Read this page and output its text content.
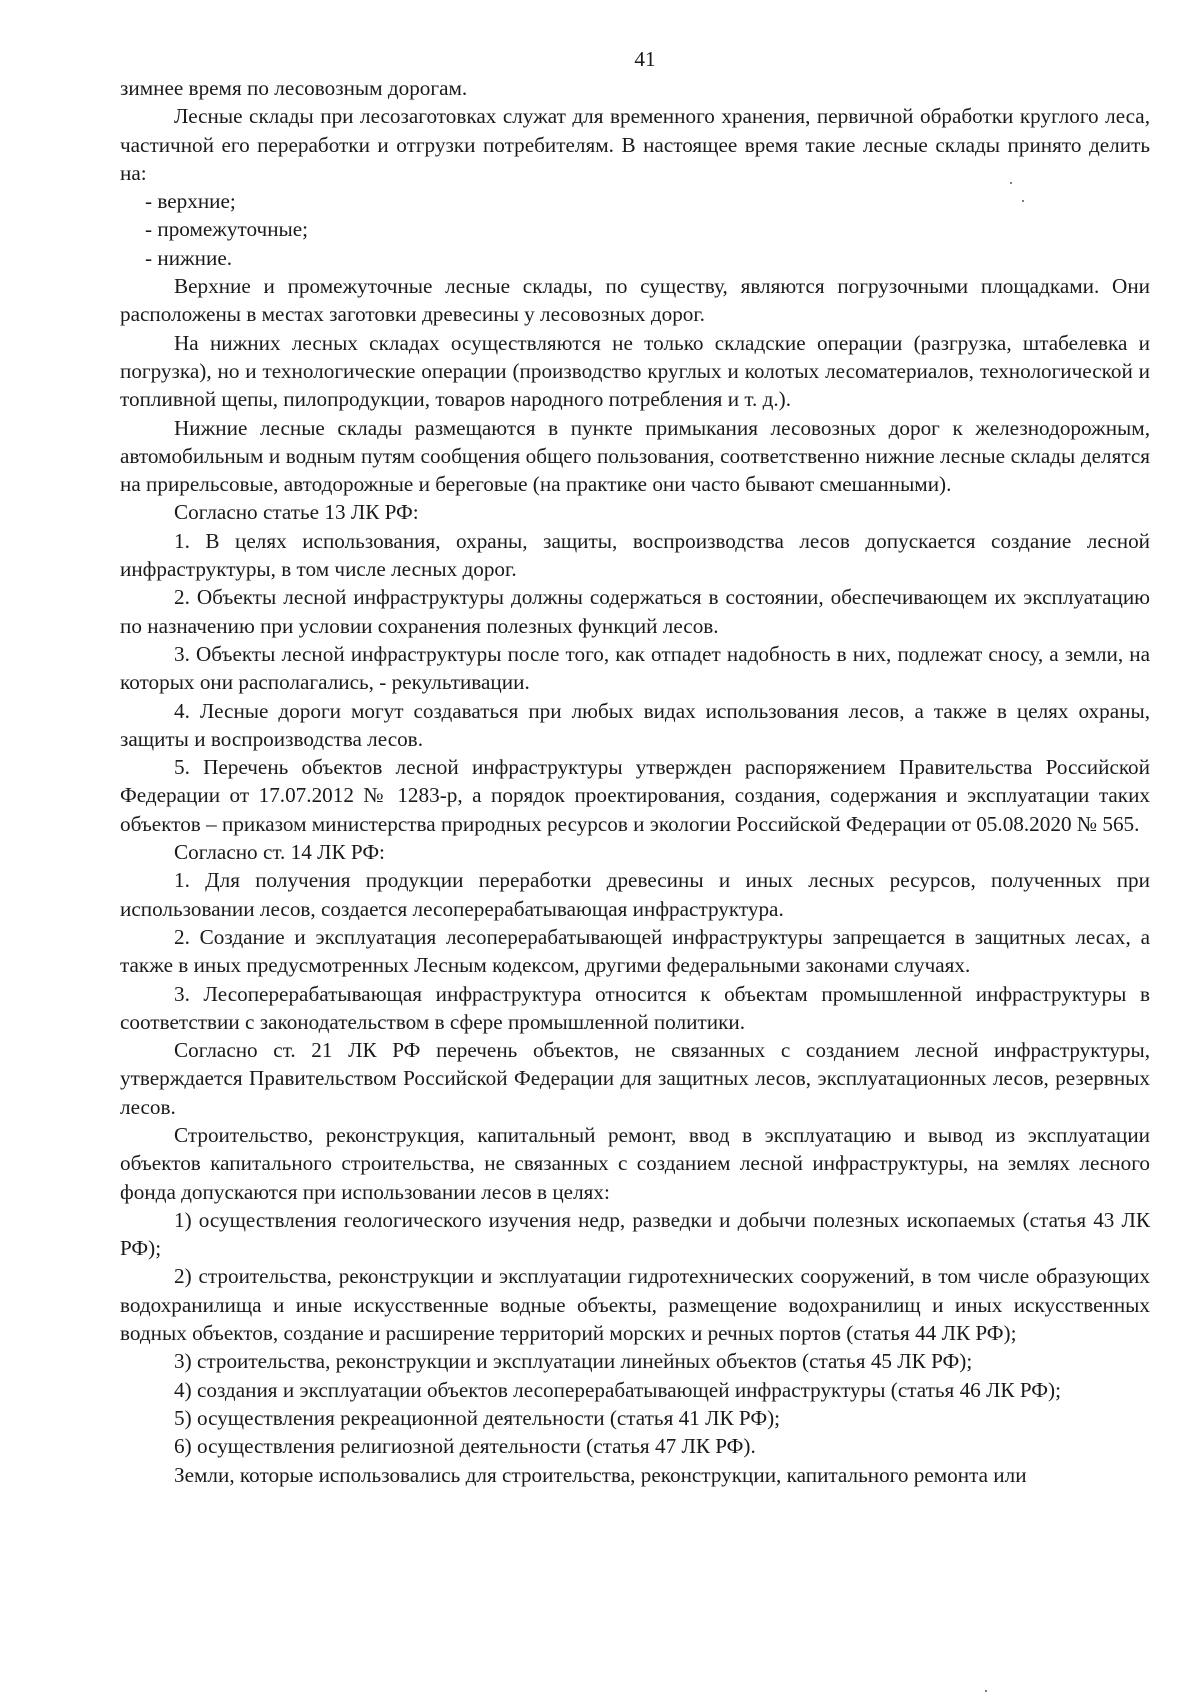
41

зимнее время по лесовозным дорогам.

Лесные склады при лесозаготовках служат для временного хранения, первичной обработки круглого леса, частичной его переработки и отгрузки потребителям. В настоящее время такие лесные склады принято делить на:

- верхние;

- промежуточные;

- нижние.

Верхние и промежуточные лесные склады, по существу, являются погрузочными площадками. Они расположены в местах заготовки древесины у лесовозных дорог.

На нижних лесных складах осуществляются не только складские операции (разгрузка, штабелевка и погрузка), но и технологические операции (производство круглых и колотых лесоматериалов, технологической и топливной щепы, пилопродукции, товаров народного потребления и т. д.).

Нижние лесные склады размещаются в пункте примыкания лесовозных дорог к железнодорожным, автомобильным и водным путям сообщения общего пользования, соответственно нижние лесные склады делятся на прирельсовые, автодорожные и береговые (на практике они часто бывают смешанными).

Согласно статье 13 ЛК РФ:

1. В целях использования, охраны, защиты, воспроизводства лесов допускается создание лесной инфраструктуры, в том числе лесных дорог.

2. Объекты лесной инфраструктуры должны содержаться в состоянии, обеспечивающем их эксплуатацию по назначению при условии сохранения полезных функций лесов.

3. Объекты лесной инфраструктуры после того, как отпадет надобность в них, подлежат сносу, а земли, на которых они располагались, - рекультивации.

4. Лесные дороги могут создаваться при любых видах использования лесов, а также в целях охраны, защиты и воспроизводства лесов.

5. Перечень объектов лесной инфраструктуры утвержден распоряжением Правительства Российской Федерации от 17.07.2012 № 1283-р, а порядок проектирования, создания, содержания и эксплуатации таких объектов – приказом министерства природных ресурсов и экологии Российской Федерации от 05.08.2020 № 565.

Согласно ст. 14 ЛК РФ:

1. Для получения продукции переработки древесины и иных лесных ресурсов, полученных при использовании лесов, создается лесоперерабатывающая инфраструктура.

2. Создание и эксплуатация лесоперерабатывающей инфраструктуры запрещается в защитных лесах, а также в иных предусмотренных Лесным кодексом, другими федеральными законами случаях.

3. Лесоперерабатывающая инфраструктура относится к объектам промышленной инфраструктуры в соответствии с законодательством в сфере промышленной политики.

Согласно ст. 21 ЛК РФ перечень объектов, не связанных с созданием лесной инфраструктуры, утверждается Правительством Российской Федерации для защитных лесов, эксплуатационных лесов, резервных лесов.

Строительство, реконструкция, капитальный ремонт, ввод в эксплуатацию и вывод из эксплуатации объектов капитального строительства, не связанных с созданием лесной инфраструктуры, на землях лесного фонда допускаются при использовании лесов в целях:

1) осуществления геологического изучения недр, разведки и добычи полезных ископаемых (статья 43 ЛК РФ);

2) строительства, реконструкции и эксплуатации гидротехнических сооружений, в том числе образующих водохранилища и иные искусственные водные объекты, размещение водохранилищ и иных искусственных водных объектов, создание и расширение территорий морских и речных портов (статья 44 ЛК РФ);

3) строительства, реконструкции и эксплуатации линейных объектов (статья 45 ЛК РФ);

4) создания и эксплуатации объектов лесоперерабатывающей инфраструктуры (статья 46 ЛК РФ);

5) осуществления рекреационной деятельности (статья 41 ЛК РФ);

6) осуществления религиозной деятельности (статья 47 ЛК РФ).

Земли, которые использовались для строительства, реконструкции, капитального ремонта или
